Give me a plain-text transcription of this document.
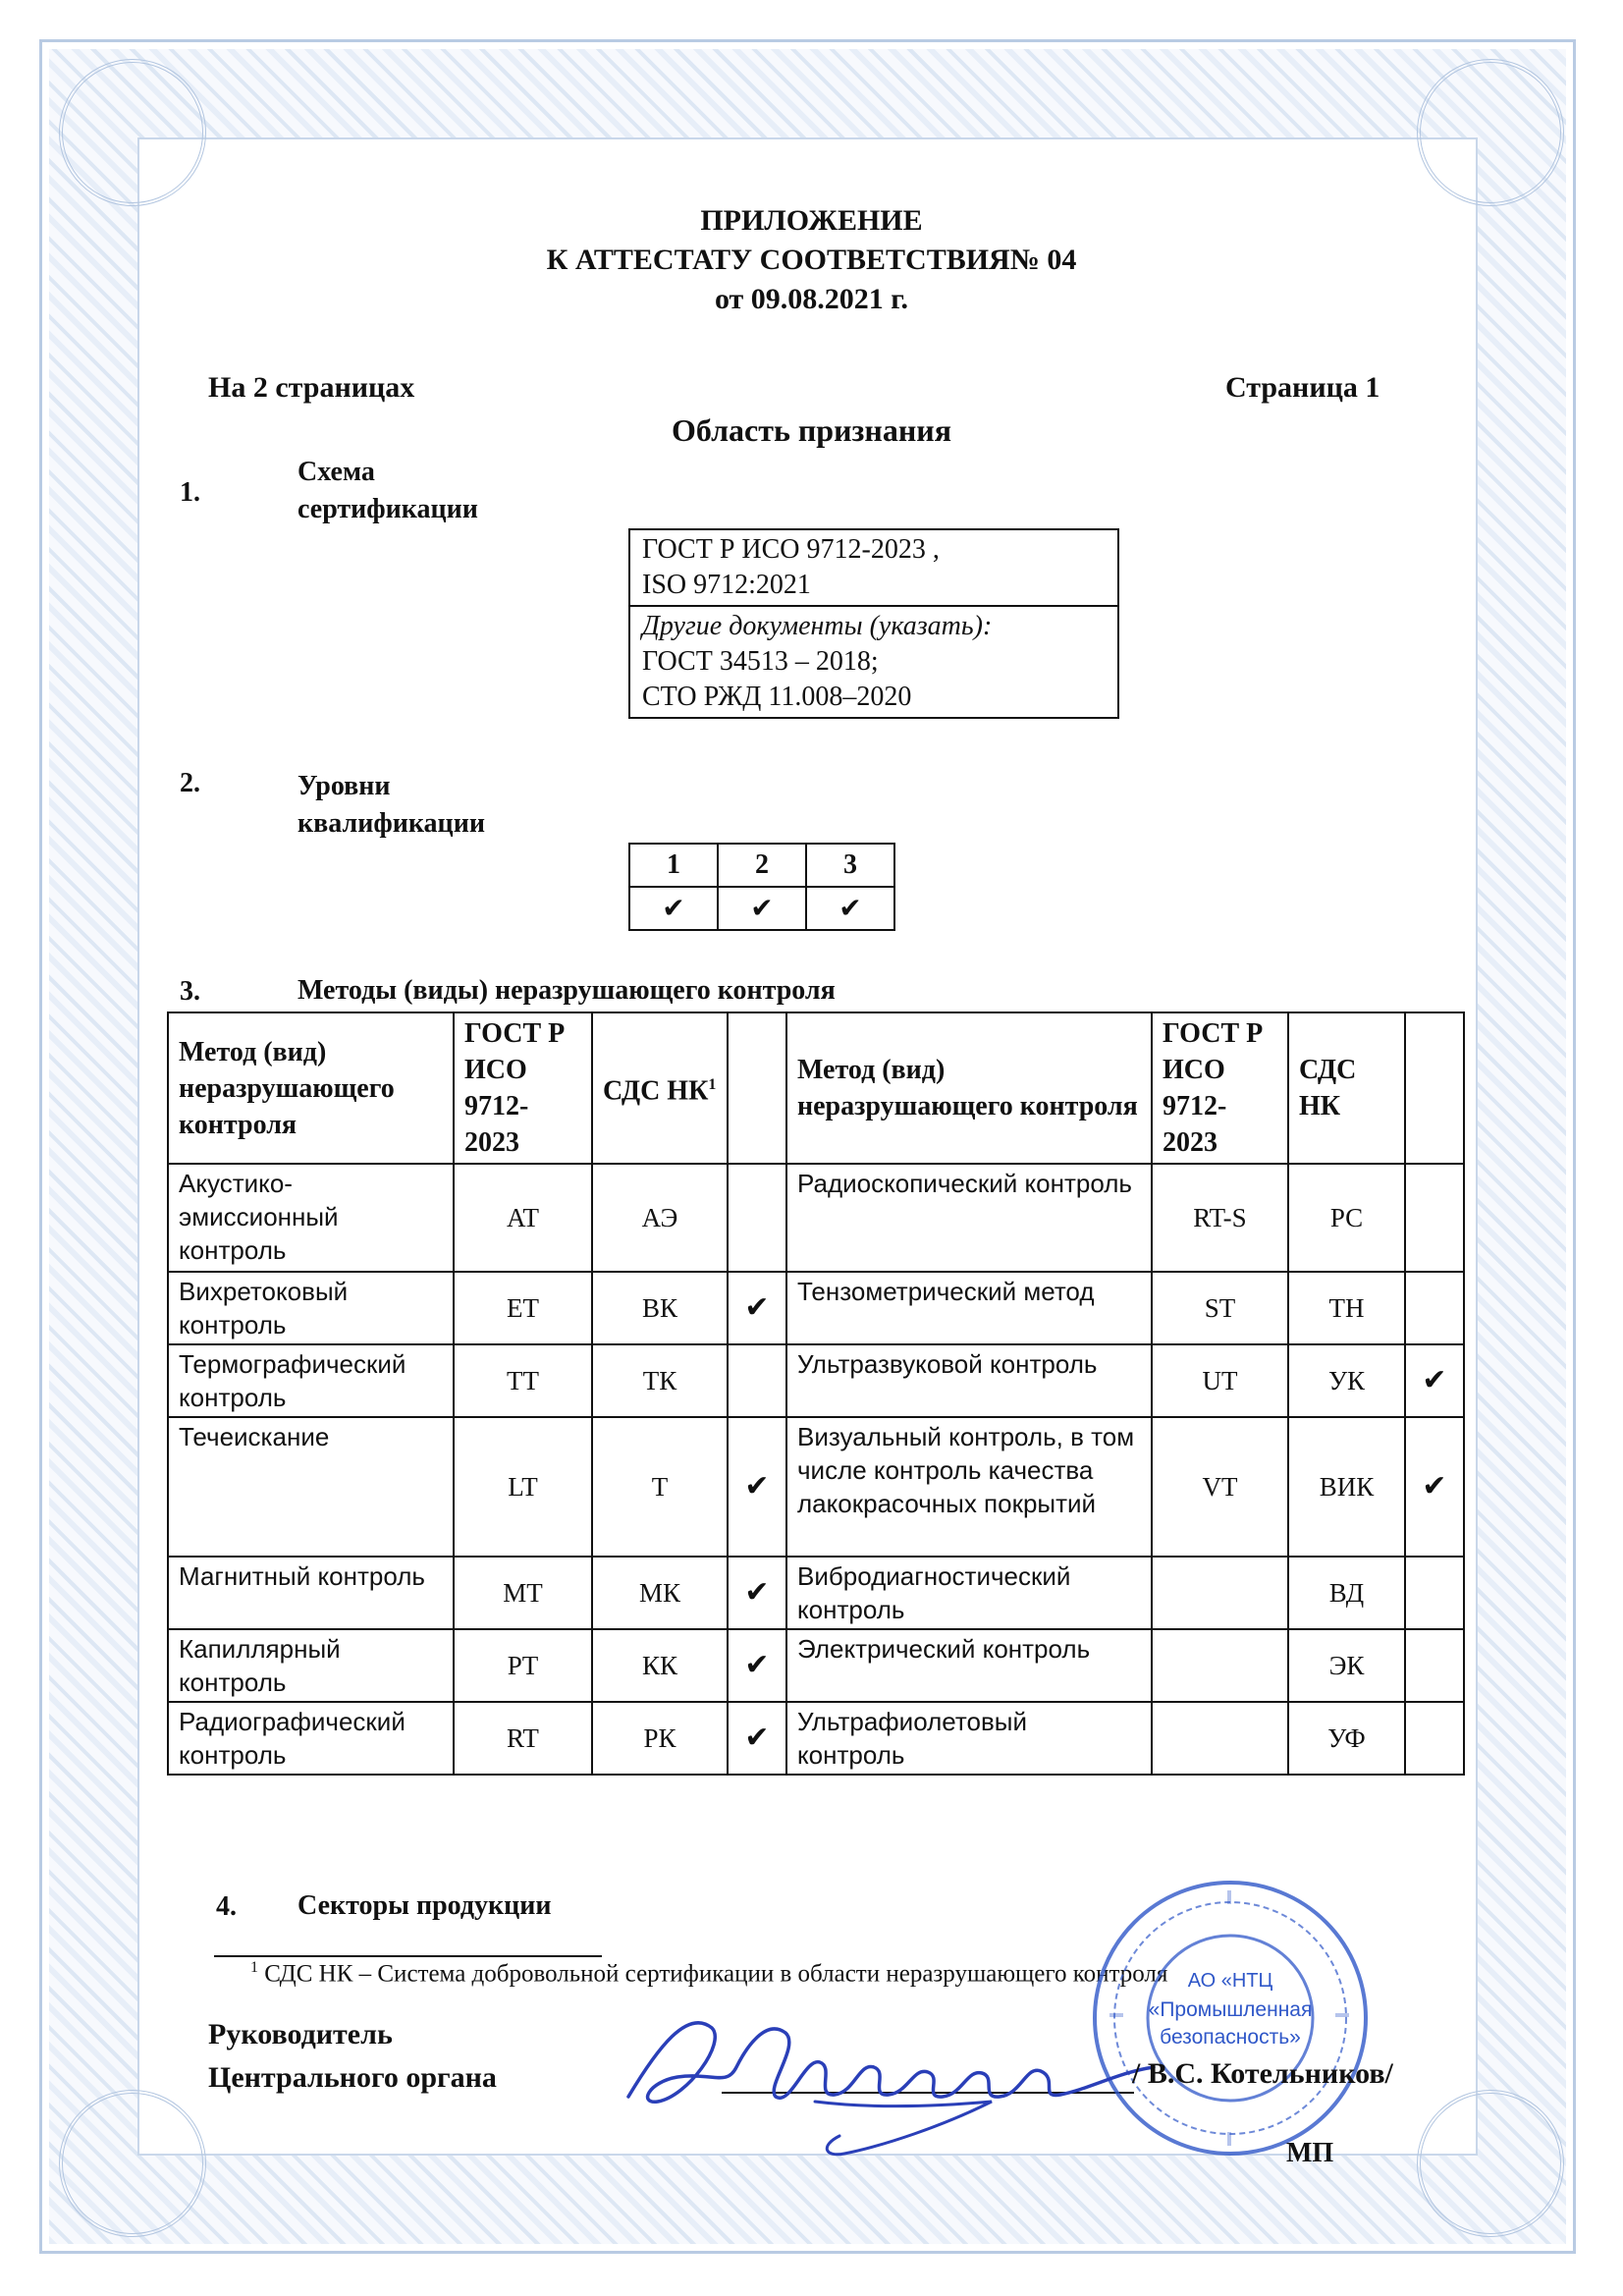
ПРИЛОЖЕНИЕ
К АТТЕСТАТУ СООТВЕТСТВИЯ№ 04
от 09.08.2021 г.
На 2 страницах	Страница 1
Область признания
1.
Схема
сертификации
ГОСТ Р ИСО 9712-2023 ,
ISO 9712:2021
Другие документы (указать):
ГОСТ 34513 – 2018;
СТО РЖД 11.008–2020
2.	Уровни
квалификации
1	2	3
✔	✔	✔
3.	Методы (виды) неразрушающего контроля
Метод (вид) неразрушающего контроля	ГОСТ Р ИСО 9712-2023	СДС $НК^1$		Метод (вид) неразрушающего контроля	ГОСТ Р ИСО 9712-2023	СДС НК	
Акустико-эмиссионный контроль	AT	АЭ		Радиоскопический контроль	RT-S	РС	
Вихретоковый контроль	ET	ВК	✔	Тензометрический метод	ST	ТН	
Термографический контроль	TT	ТК		Ультразвуковой контроль	UT	УК	✔
Течеискание	LT	Т	✔	Визуальный контроль, в том числе контроль качества лакокрасочных покрытий	VT	ВИК	✔
Магнитный контроль	MT	МК	✔	Вибродиагностический контроль		ВД	
Капиллярный контроль	PT	КК	✔	Электрический контроль		ЭК	
Радиографический контроль	RT	РК	✔	Ультрафиолетовый контроль		УФ	
4. Секторы продукции
$^1$ СДС НК – Система добровольной сертификации в области неразрушающего контроля
Руководитель
Центрального органа
АО «НТЦ
«Промышленная
безопасность»
/ В.С. Котельников/
МП
